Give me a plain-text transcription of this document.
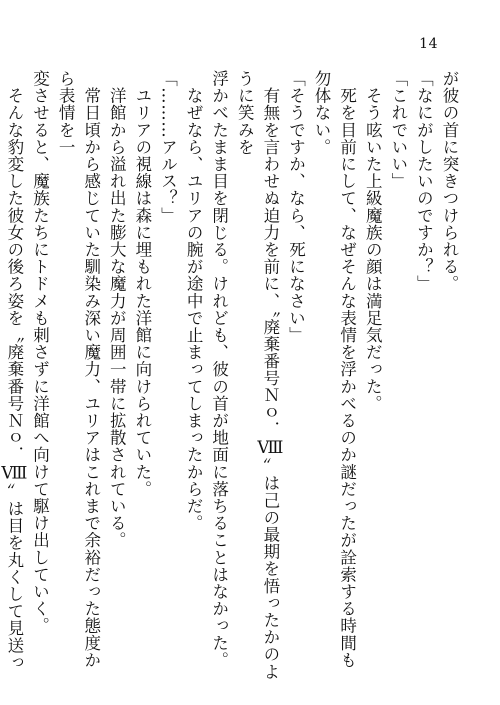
14
が彼の首に突きつけられる。
「なにがしたいのですか？」
「これでいい」
　そう呟いた上級魔族の顔は満足気だった。
　死を目前にして、なぜそんな表情を浮かべるのか謎だったが詮索する時間も勿体ない。
「そうですか、なら、死になさい」
　有無を言わせぬ迫力を前に、〝廃棄番号Ｎｏ．Ⅷ〟は己の最期を悟ったかのように笑みを
浮かべたまま目を閉じる。けれども、彼の首が地面に落ちることはなかった。
　なぜなら、ユリアの腕が途中で止まってしまったからだ。
「………アルス？」
　ユリアの視線は森に埋もれた洋館に向けられていた。
　洋館から溢れ出た膨大な魔力が周囲一帯に拡散されている。
　常日頃から感じていた馴染み深い魔力、ユリアはこれまで余裕だった態度から表情を一
変させると、魔族たちにトドメも刺さずに洋館へ向けて駆け出していく。
　そんな豹変した彼女の後ろ姿を〝廃棄番号Ｎｏ．Ⅷ〟は目を丸くして見送っ
